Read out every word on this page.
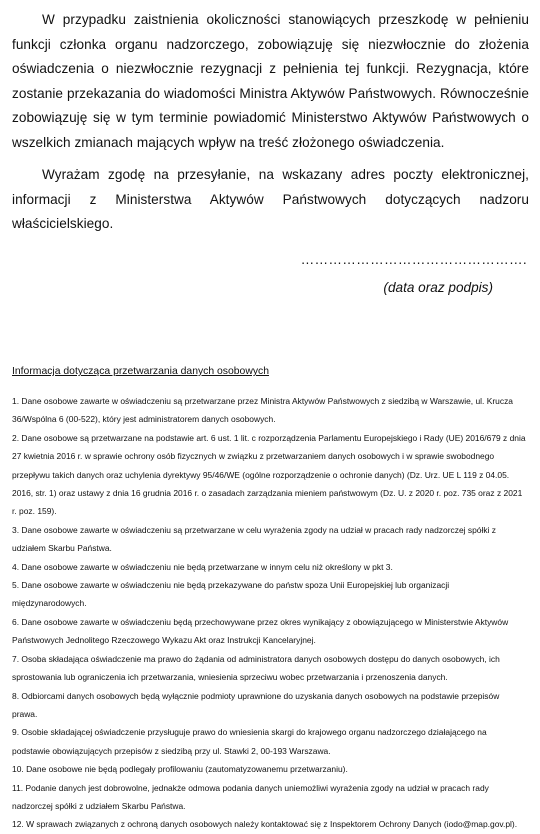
W przypadku zaistnienia okoliczności stanowiących przeszkodę w pełnieniu funkcji członka organu nadzorczego, zobowiązuję się niezwłocznie do złożenia oświadczenia o niezwłocznie rezygnacji z pełnienia tej funkcji. Rezygnacja, które zostanie przekazania do wiadomości Ministra Aktywów Państwowych. Równocześnie zobowiązuję się w tym terminie powiadomić Ministerstwo Aktywów Państwowych o wszelkich zmianach mających wpływ na treść złożonego oświadczenia.

Wyrażam zgodę na przesyłanie, na wskazany adres poczty elektronicznej, informacji z Ministerstwa Aktywów Państwowych dotyczących nadzoru właścicielskiego.

………………………………………….
(data oraz podpis)

Informacja dotycząca przetwarzania danych osobowych

1. Dane osobowe zawarte w oświadczeniu są przetwarzane przez Ministra Aktywów Państwowych z siedzibą w Warszawie, ul. Krucza 36/Wspólna 6 (00-522), który jest administratorem danych osobowych.
2. Dane osobowe są przetwarzane na podstawie art. 6 ust. 1 lit. c rozporządzenia Parlamentu Europejskiego i Rady (UE) 2016/679 z dnia 27 kwietnia 2016 r. w sprawie ochrony osób fizycznych w związku z przetwarzaniem danych osobowych i w sprawie swobodnego przepływu takich danych oraz uchylenia dyrektywy 95/46/WE (ogólne rozporządzenie o ochronie danych) (Dz. Urz. UE L 119 z 04.05. 2016, str. 1) oraz ustawy z dnia 16 grudnia 2016 r. o zasadach zarządzania mieniem państwowym (Dz. U. z 2020 r. poz. 735 oraz z 2021 r. poz. 159).
3. Dane osobowe zawarte w oświadczeniu są przetwarzane w celu wyrażenia zgody na udział w pracach rady nadzorczej spółki z udziałem Skarbu Państwa.
4. Dane osobowe zawarte w oświadczeniu nie będą przetwarzane w innym celu niż określony w pkt 3.
5. Dane osobowe zawarte w oświadczeniu nie będą przekazywane do państw spoza Unii Europejskiej lub organizacji międzynarodowych.
6. Dane osobowe zawarte w oświadczeniu będą przechowywane przez okres wynikający z obowiązującego w Ministerstwie Aktywów Państwowych Jednolitego Rzeczowego Wykazu Akt oraz Instrukcji Kancelaryjnej.
7. Osoba składająca oświadczenie ma prawo do żądania od administratora danych osobowych dostępu do danych osobowych, ich sprostowania lub ograniczenia ich przetwarzania, wniesienia sprzeciwu wobec przetwarzania i przenoszenia danych.
8. Odbiorcami danych osobowych będą wyłącznie podmioty uprawnione do uzyskania danych osobowych na podstawie przepisów prawa.
9. Osobie składającej oświadczenie przysługuje prawo do wniesienia skargi do krajowego organu nadzorczego działającego na podstawie obowiązujących przepisów z siedzibą przy ul. Stawki 2, 00-193 Warszawa.
10. Dane osobowe nie będą podlegały profilowaniu (zautomatyzowanemu przetwarzaniu).
11. Podanie danych jest dobrowolne, jednakże odmowa podania danych uniemożliwi wyrażenia zgody na udział w pracach rady nadzorczej spółki z udziałem Skarbu Państwa.
12. W sprawach związanych z ochroną danych osobowych należy kontaktować się z Inspektorem Ochrony Danych (iodo@map.gov.pl).
